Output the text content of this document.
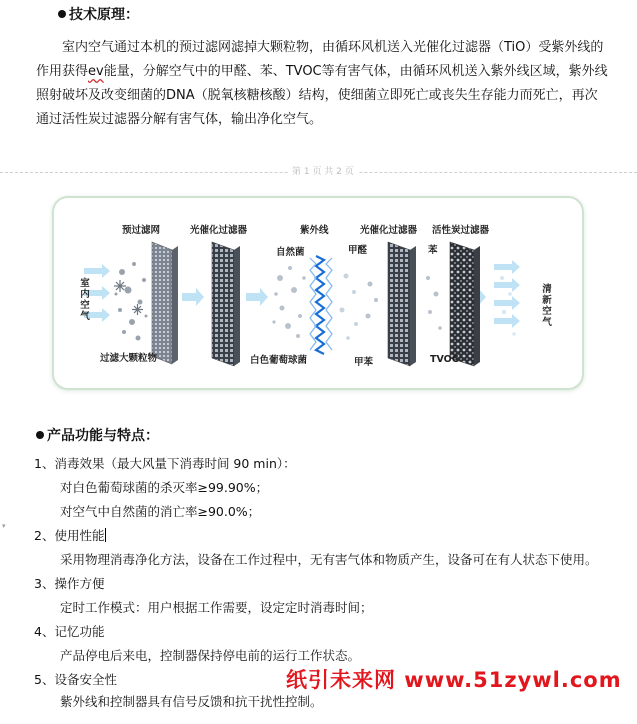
技术原理：
室内空气通过本机的预过滤网滤掉大颗粒物，由循环风机送入光催化过滤器（TiO）受紫外线的作用获得ev能量，分解空气中的甲醛、苯、TVOC等有害气体，由循环风机送入紫外线区域，紫外线照射破坏及改变细菌的DNA（脱氧核糖核酸）结构，使细菌立即死亡或丧失生存能力而死亡，再次通过活性炭过滤器分解有害气体，输出净化空气。
第 1 页 共 2 页
预过滤网	光催化过滤器	紫外线	光催化过滤器 活性炭过滤器
室内空气
过滤大颗粒物
自然菌
白色葡萄球菌
甲醛
甲苯
苯
TVOC
清新空气
产品功能与特点：
1、消毒效果（最大风量下消毒时间 90 min）：
对白色葡萄球菌的杀灭率≥99.90%；
对空气中自然菌的消亡率≥90.0%；
▾
2、使用性能
采用物理消毒净化方法，设备在工作过程中，无有害气体和物质产生，设备可在有人状态下使用。
3、操作方便
定时工作模式：用户根据工作需要，设定定时消毒时间；
4、记忆功能
产品停电后来电，控制器保持停电前的运行工作状态。
5、设备安全性
紫外线和控制器具有信号反馈和抗干扰性控制。
纸引未来网 www.51zywl.com
